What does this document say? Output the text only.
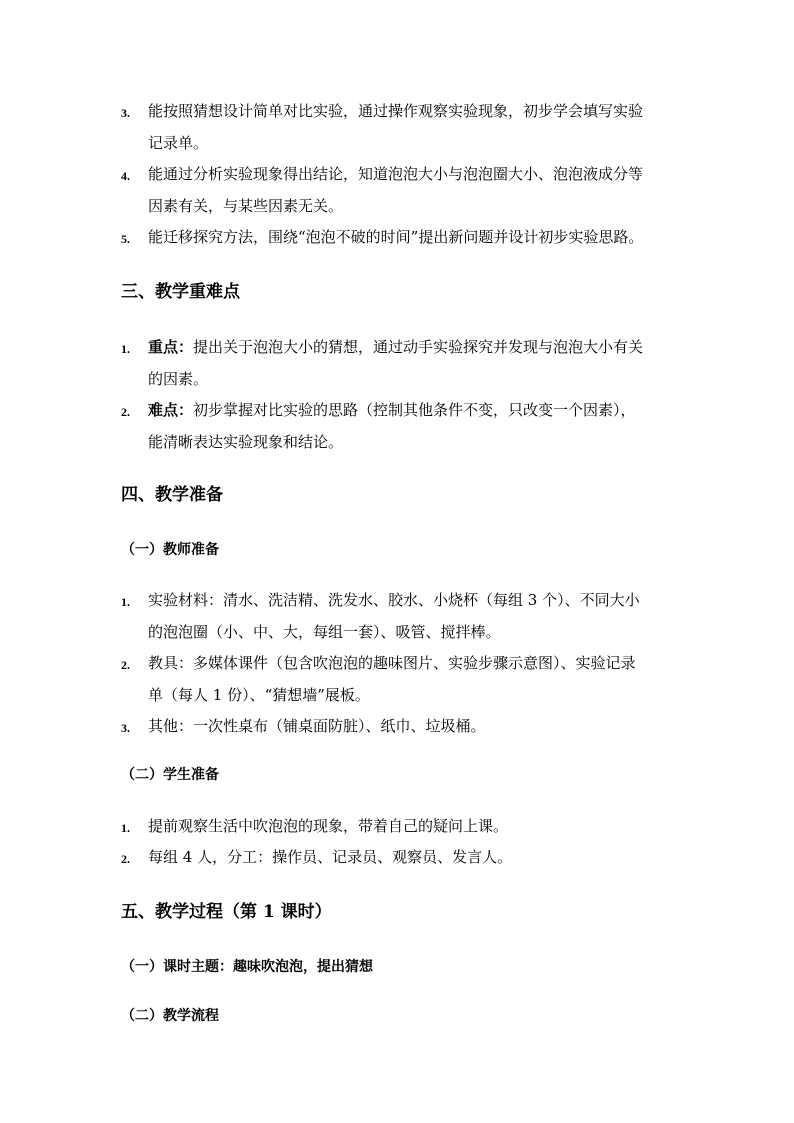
3. 能按照猜想设计简单对比实验，通过操作观察实验现象，初步学会填写实验
记录单。
4. 能通过分析实验现象得出结论，知道泡泡大小与泡泡圈大小、泡泡液成分等
因素有关，与某些因素无关。
5. 能迁移探究方法，围绕“泡泡不破的时间”提出新问题并设计初步实验思路。
三、教学重难点
1. 重点：提出关于泡泡大小的猜想，通过动手实验探究并发现与泡泡大小有关
的因素。
2. 难点：初步掌握对比实验的思路（控制其他条件不变，只改变一个因素），
能清晰表达实验现象和结论。
四、教学准备
（一）教师准备
1. 实验材料：清水、洗洁精、洗发水、胶水、小烧杯（每组 3 个）、不同大小
的泡泡圈（小、中、大，每组一套）、吸管、搅拌棒。
2. 教具：多媒体课件（包含吹泡泡的趣味图片、实验步骤示意图）、实验记录
单（每人 1 份）、“猜想墙”展板。
3. 其他：一次性桌布（铺桌面防脏）、纸巾、垃圾桶。
（二）学生准备
1. 提前观察生活中吹泡泡的现象，带着自己的疑问上课。
2. 每组 4 人，分工：操作员、记录员、观察员、发言人。
五、教学过程（第 1 课时）
（一）课时主题：趣味吹泡泡，提出猜想
（二）教学流程
